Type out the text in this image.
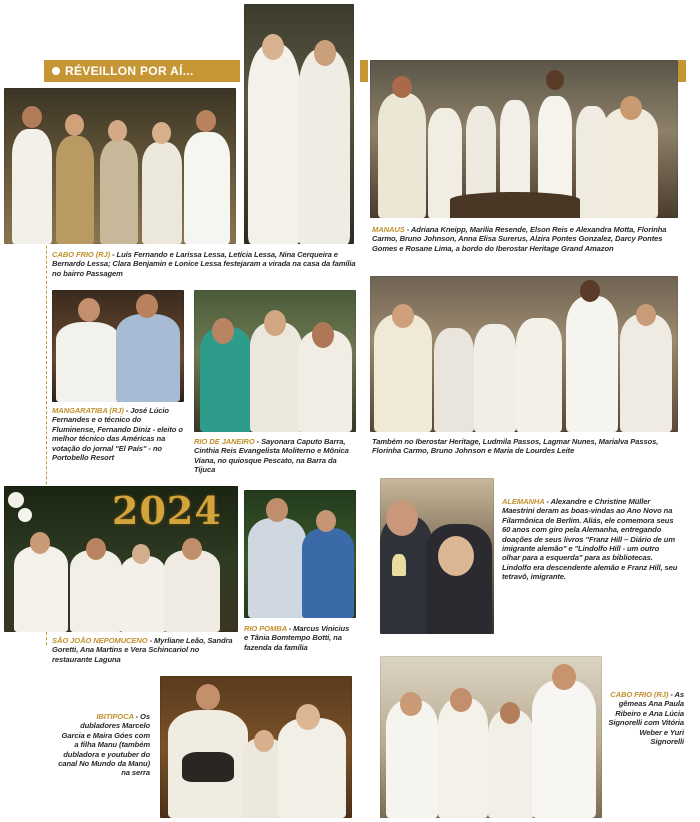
RÉVEILLON POR AÍ...
CABO FRIO (RJ) - Luís Fernando e Larissa Lessa, Letícia Lessa, Nina Cerqueira e Bernardo Lessa; Clara Benjamin e Lonice Lessa festejaram a virada na casa da família no bairro Passagem
MANAUS - Adriana Kneipp, Marilia Resende, Elson Reis e Alexandra Motta, Florinha Carmo, Bruno Johnson, Anna Elisa Surerus, Alzira Pontes Gonzalez, Darcy Pontes Gomes e Rosane Lima, a bordo do Iberostar Heritage Grand Amazon
MANGARATIBA (RJ) - José Lúcio Fernandes e o técnico do Fluminense, Fernando Diniz - eleito o melhor técnico das Américas na votação do jornal "El País" - no Portobello Resort
RIO DE JANEIRO - Sayonara Caputo Barra, Cinthia Reis Evangelista Moliterno e Mônica Viana, no quiosque Pescato, na Barra da Tijuca
Também no Iberostar Heritage, Ludmila Passos, Lagmar Nunes, Marialva Passos, Florinha Carmo, Bruno Johnson e Maria de Lourdes Leite
2024	ALEMANHA - Alexandre e Christine Müller Maestrini deram as boas-vindas ao Ano Novo na Filarmônica de Berlim. Aliás, ele comemora seus 60 anos com giro pela Alemanha, entregando doações de seus livros "Franz Hill – Diário de um imigrante alemão" e "Lindolfo Hill - um outro olhar para a esquerda" para as bibliotecas. Lindolfo era descendente alemão e Franz Hill, seu tetravô, imigrante.
SÃO JOÃO NEPOMUCENO - Myrliane Leão, Sandra Goretti, Ana Martins e Vera Schincariol no restaurante Laguna
RIO POMBA - Marcus Vinicius e Tânia Bomtempo Botti, na fazenda da família
IBITIPOCA - Os dubladores Marcelo Garcia e Maira Góes com a filha Manu (também dubladora e youtuber do canal No Mundo da Manu) na serra
CABO FRIO (RJ) - As gêmeas Ana Paula Ribeiro e Ana Lúcia Signorelli com Vitória Weber e Yuri Signorelli
